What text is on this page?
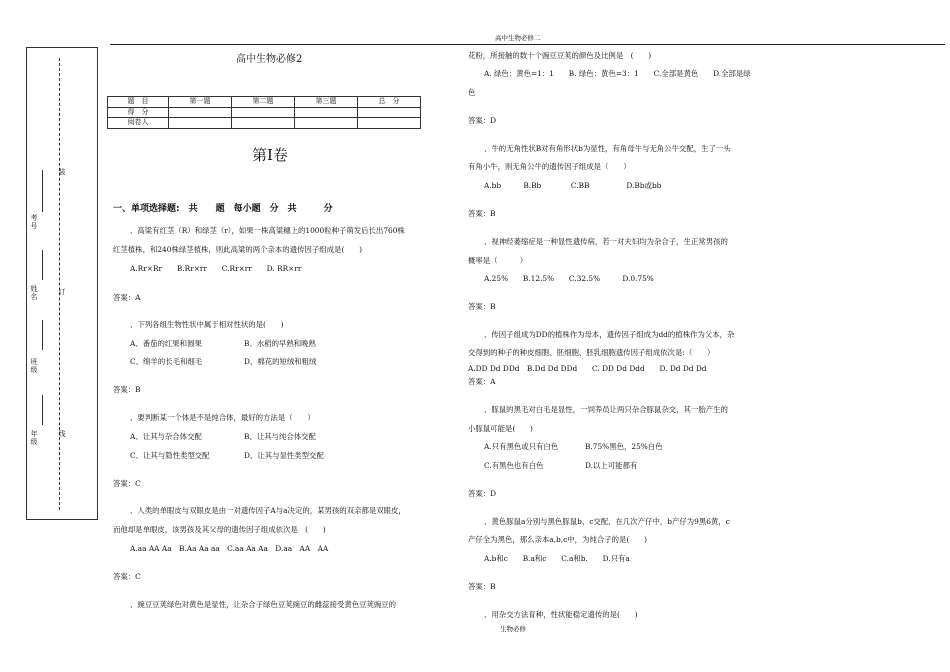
高中生物必修二
装
订
线
考号
姓名
班级
年级
高中生物必修2
题　目	第一题	第二题	第三题	总　分
得　分				
阅卷人				
第Ⅰ卷
一、单项选择题:　共　　题　每小题　分　共　　　分
、高粱有红茎（R）和绿茎（r），如果一株高粱穗上的1000粒种子萌发后长出760株
红茎植株，和240株绿茎植株，则此高粱的两个亲本的遗传因子组成是(　　)
A.Rr×Rr　　B.Rr×rr　　C.Rr×rr　　D. RR×rr
答案：A
、下列各组生物性状中属于相对性状的是(　　)
A、番茄的红果和圆果	B、水稻的早熟和晚熟
C、绵羊的长毛和细毛	D、棉花的短绒和粗绒
答案：B
、要判断某一个体是不是纯合体，最好的方法是（　　）
A、让其与杂合体交配	B、让其与纯合体交配
C、让其与隐性类型交配	D、让其与显性类型交配
答案：C
、人类的单眼皮与双眼皮是由一对遗传因子A与a决定的，某男孩的双亲都是双眼皮，
而他却是单眼皮，该男孩及其父母的遗传因子组成依次是　(　　)
A.aa AA Aa　B.Aa Aa aa　C.aa Aa Aa　D.aa　AA　AA
答案：C
、豌豆豆荚绿色对黄色是显性，让杂合子绿色豆荚豌豆的雌蕊接受黄色豆荚豌豆的
花粉，所接触的数十个豌豆豆荚的颜色及比例是　(　　)
A. 绿色：黄色=1：1　　B. 绿色：黄色=3：1　　C.全部是黄色　　D.全部是绿
色
答案：D
、牛的无角性状B对有角形状b为显性，有角母牛与无角公牛交配，生了一头
有角小牛，则无角公牛的遗传因子组成是（　　）
A.bb　　　B.Bb　　　　C.BB　　　　　D.Bb或bb
答案：B
、视神经萎缩症是一种显性遗传病，若一对夫妇均为杂合子，生正常男孩的
概率是（　　　）
A.25%　　B.12.5%　　C.32.5%　　　D.0.75%
答案：B
、传因子组成为DD的植株作为母本，遗传因子组成为dd的植株作为父本，杂
交得到的种子的种皮细胞、胚细胞、胚乳细胞遗传因子组成依次是:（　　）
A.DD Dd DDd　B.Dd Dd DDd　　C. DD Dd Ddd　　D. Dd Dd Dd
答案：A
、豚鼠的黑毛对白毛是显性，一饲养员让两只杂合豚鼠杂交，其一胎产生的
小豚鼠可能是(　　)
A.只有黑色或只有白色	B.75%黑色，25%白色
C.有黑色也有白色	D.以上可能都有
答案：D
、黄色豚鼠a分别与黑色豚鼠b、c交配，在几次产仔中，b产仔为9黑6黄，c
产仔全为黑色，那么亲本a,b,c中，为纯合子的是(　　)
A.b和c　　B.a和c　　C.a和b.　　D.只有a
答案：B
、用杂交方法育种，性状能稳定遗传的是(　　)
生物必修
